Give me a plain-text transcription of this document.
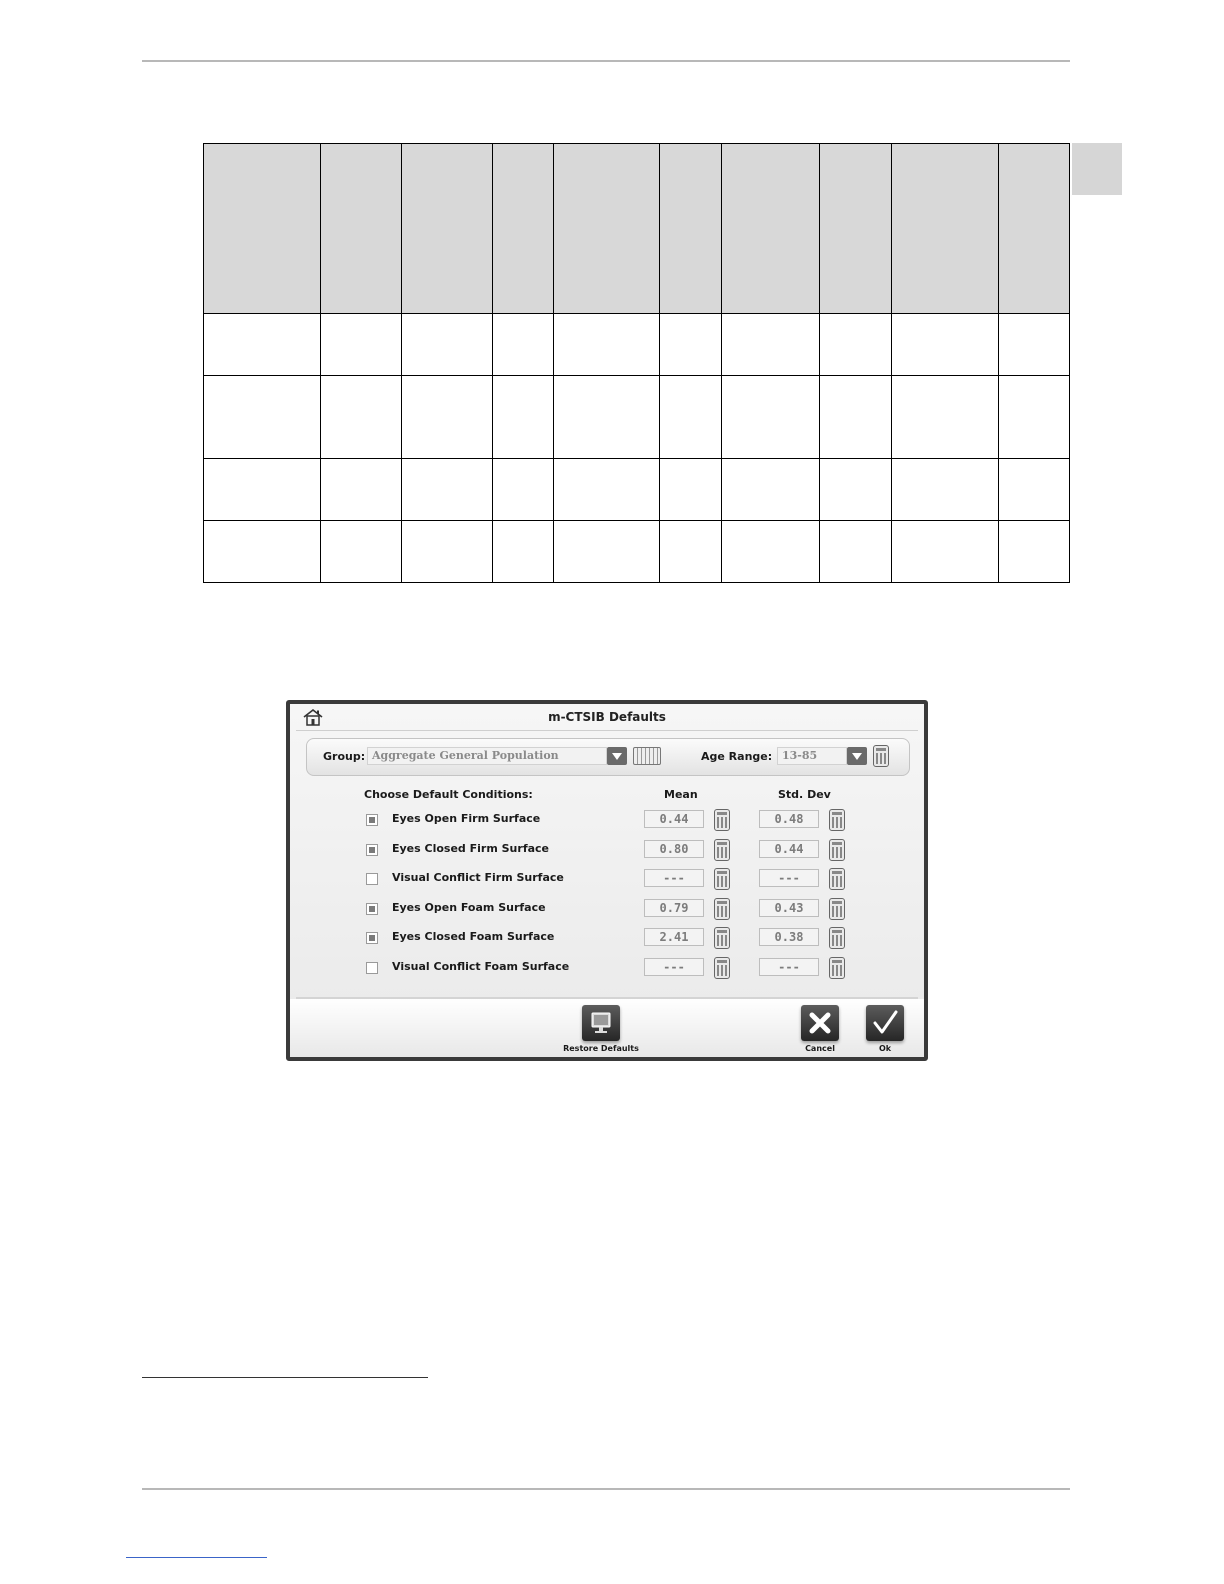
m-CTSIB Defaults
Group: Aggregate General Population	Age Range: 13-85
Choose Default Conditions:	Mean	Std. Dev
Eyes Open Firm Surface	0.44	0.48
Eyes Closed Firm Surface	0.80	0.44
Visual Conflict Firm Surface	---	---
Eyes Open Foam Surface	0.79	0.43
Eyes Closed Foam Surface	2.41	0.38
Visual Conflict Foam Surface	---	---
Restore Defaults	Cancel	Ok
